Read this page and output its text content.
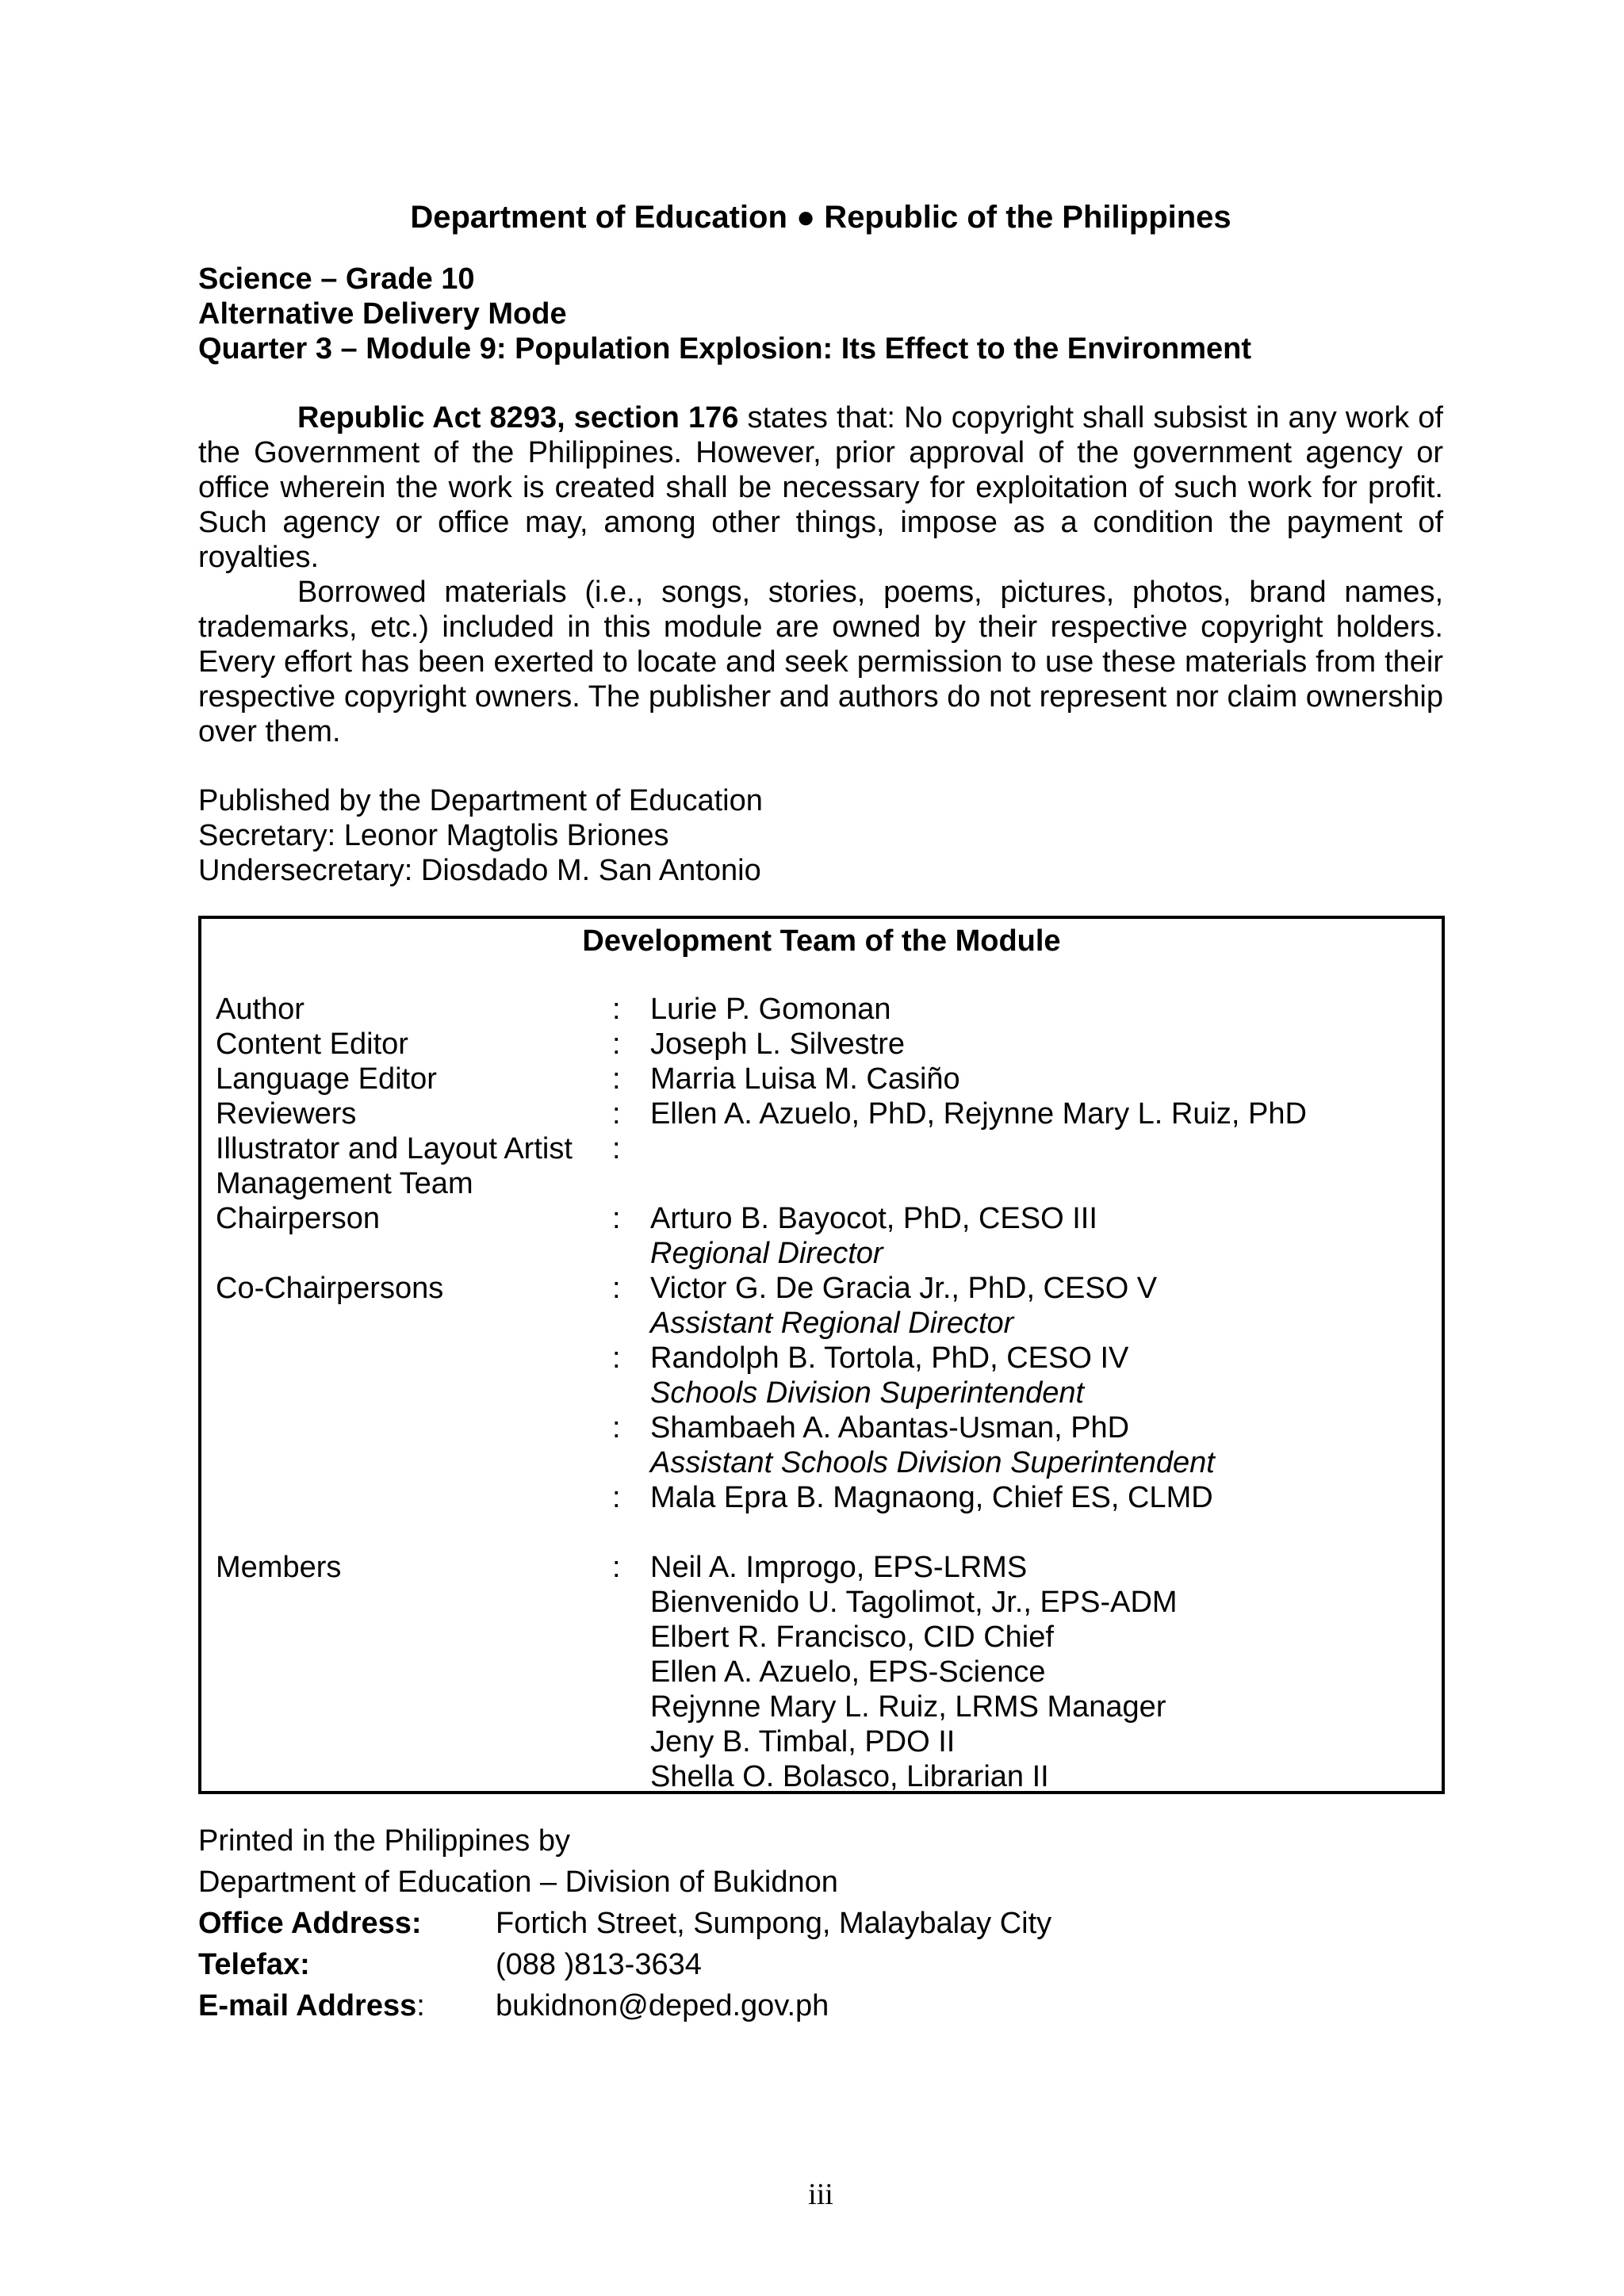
Department of Education ● Republic of the Philippines
Science – Grade 10
Alternative Delivery Mode
Quarter 3 – Module 9: Population Explosion: Its Effect to the Environment
Republic Act 8293, section 176 states that: No copyright shall subsist in any work of the Government of the Philippines. However, prior approval of the government agency or office wherein the work is created shall be necessary for exploitation of such work for profit. Such agency or office may, among other things, impose as a condition the payment of royalties.
Borrowed materials (i.e., songs, stories, poems, pictures, photos, brand names, trademarks, etc.) included in this module are owned by their respective copyright holders. Every effort has been exerted to locate and seek permission to use these materials from their respective copyright owners. The publisher and authors do not represent nor claim ownership over them.
Published by the Department of Education
Secretary: Leonor Magtolis Briones
Undersecretary: Diosdado M. San Antonio
Development Team of the Module
Author	: Lurie P. Gomonan
Content Editor	: Joseph L. Silvestre
Language Editor	: Marria Luisa M. Casiño
Reviewers	: Ellen A. Azuelo, PhD, Rejynne Mary L. Ruiz, PhD
Illustrator and Layout Artist :
Management Team
Chairperson	: Arturo B. Bayocot, PhD, CESO III
Regional Director
Co-Chairpersons	: Victor G. De Gracia Jr., PhD, CESO V
Assistant Regional Director
: Randolph B. Tortola, PhD, CESO IV
Schools Division Superintendent
: Shambaeh A. Abantas-Usman, PhD
Assistant Schools Division Superintendent
: Mala Epra B. Magnaong, Chief ES, CLMD
Members	: Neil A. Improgo, EPS-LRMS
Bienvenido U. Tagolimot, Jr., EPS-ADM
Elbert R. Francisco, CID Chief
Ellen A. Azuelo, EPS-Science
Rejynne Mary L. Ruiz, LRMS Manager
Jeny B. Timbal, PDO II
Shella O. Bolasco, Librarian II
Printed in the Philippines by
Department of Education – Division of Bukidnon
Office Address: Fortich Street, Sumpong, Malaybalay City
Telefax:	(088 )813-3634
E-mail Address: bukidnon@deped.gov.ph
iii
